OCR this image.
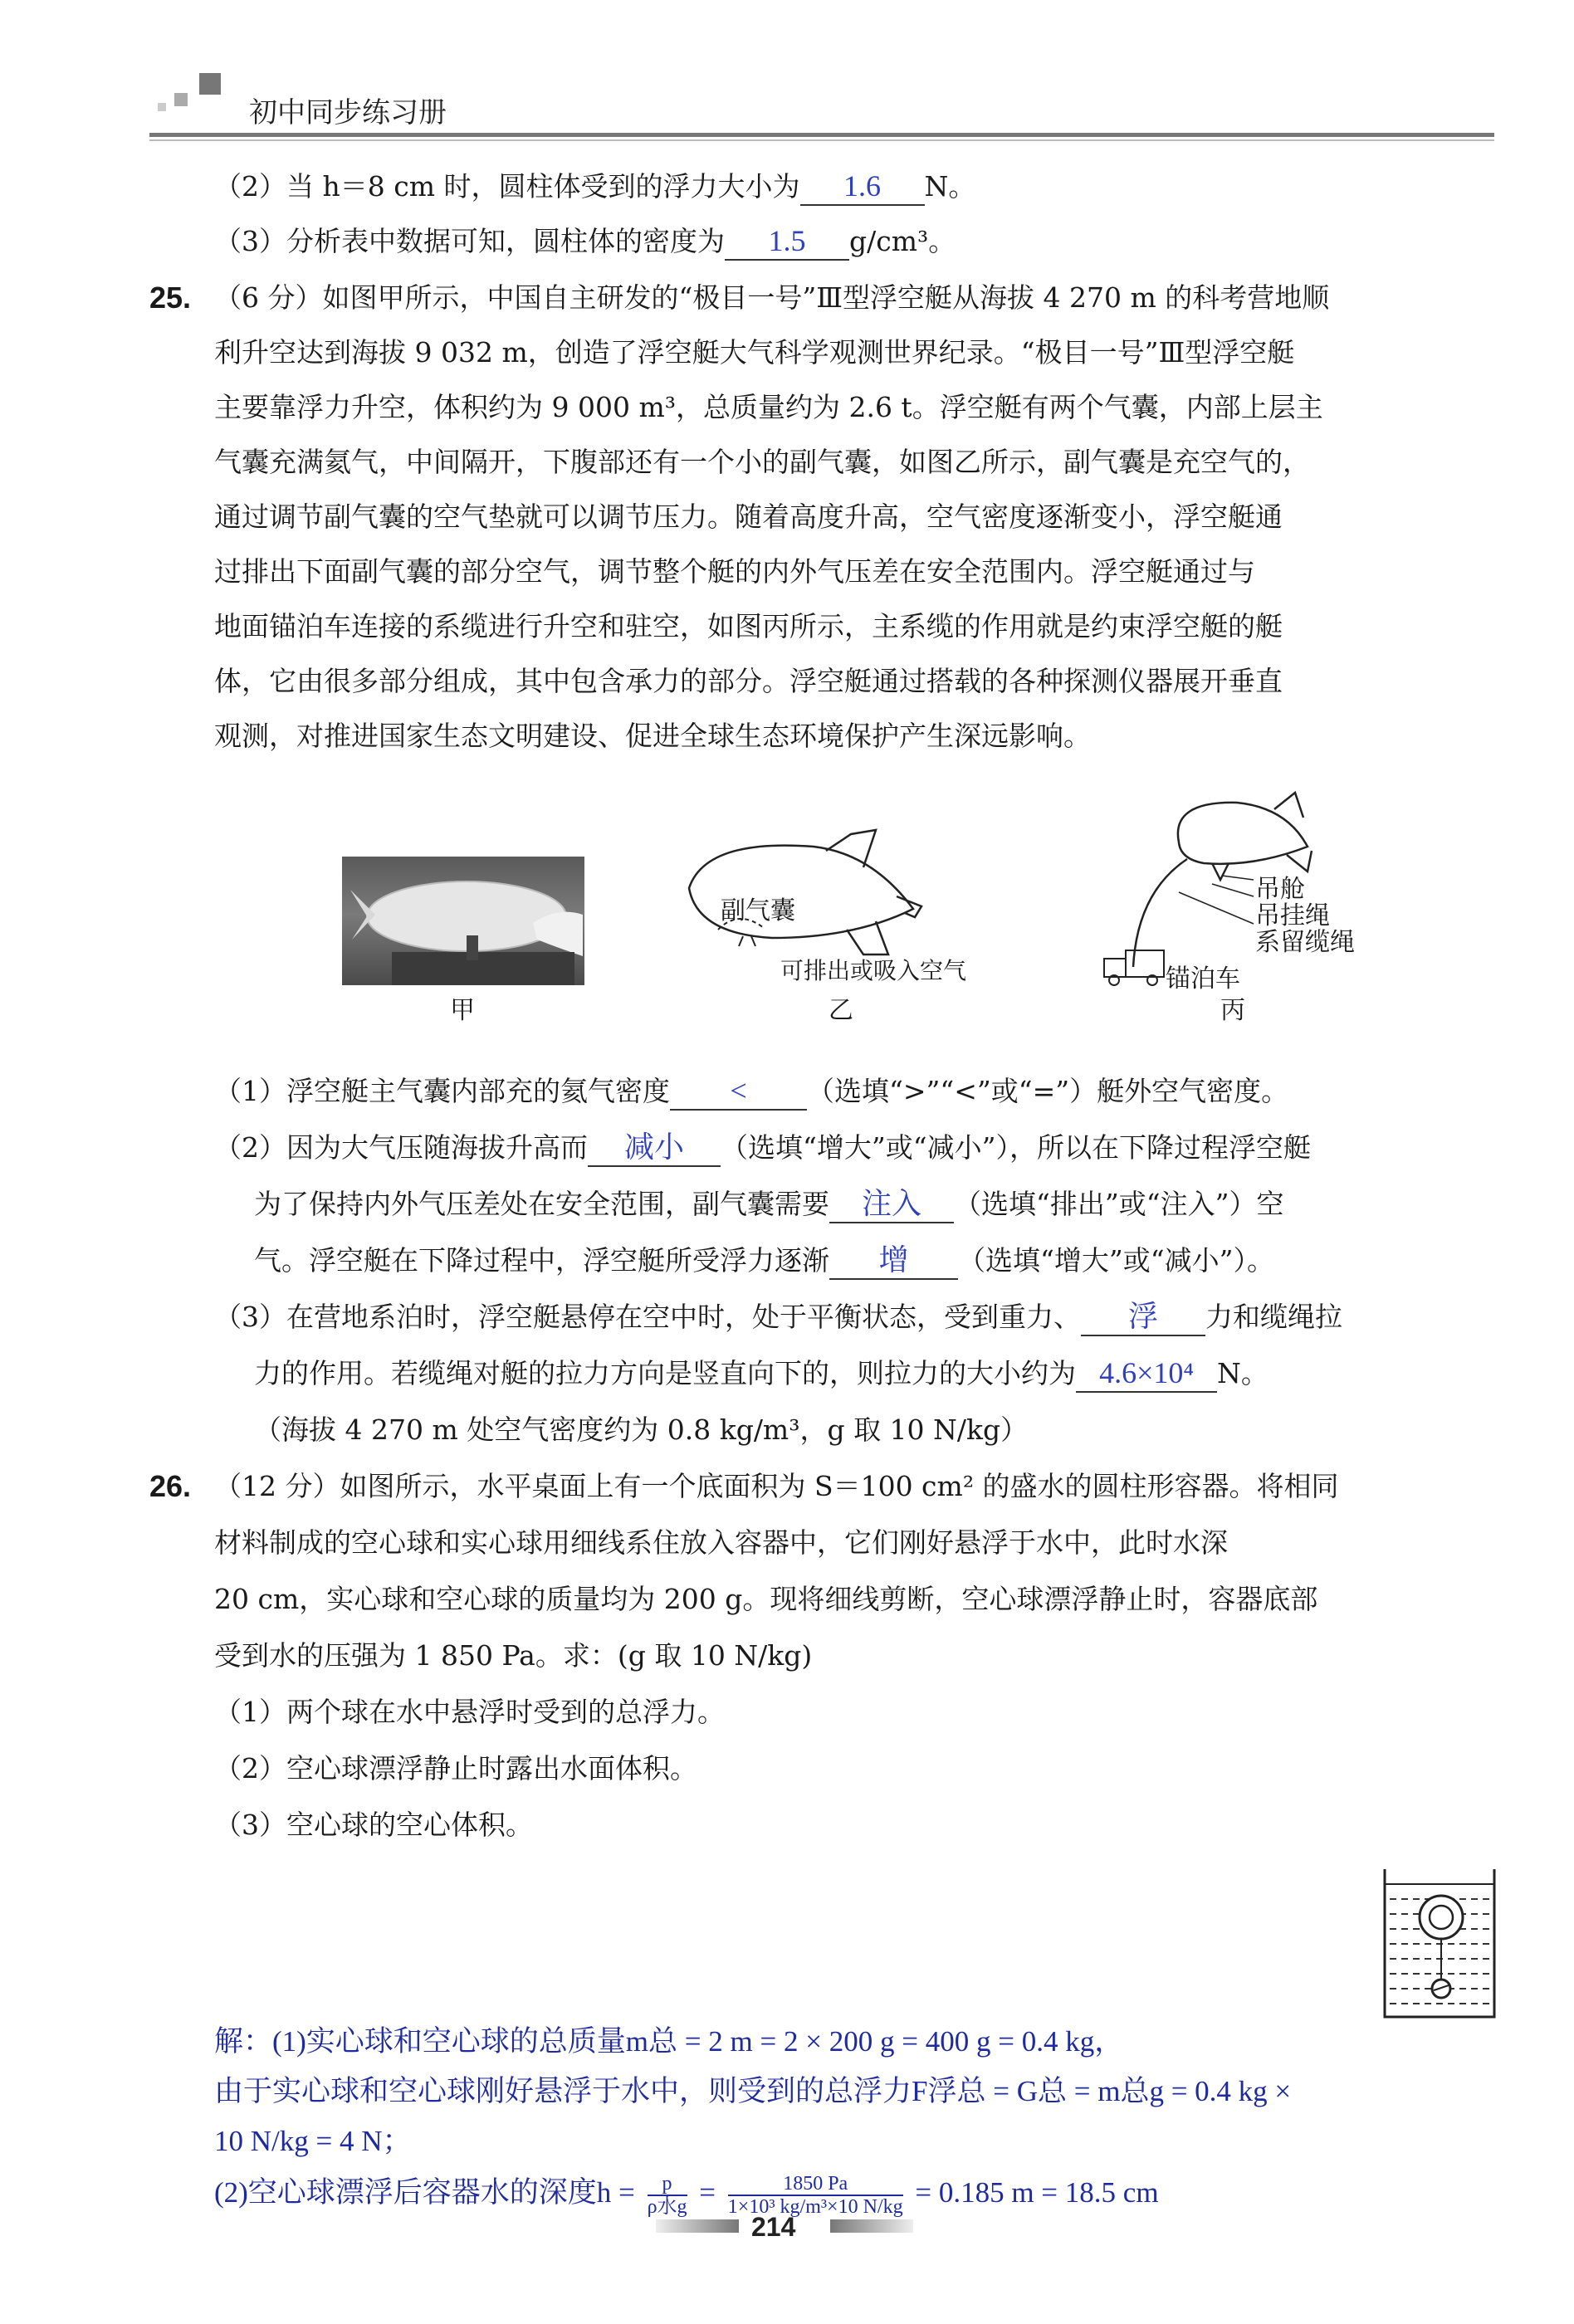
初中同步练习册
（2）当 h＝8 cm 时，圆柱体受到的浮力大小为 1.6 N。
（3）分析表中数据可知，圆柱体的密度为 1.5 g/cm³。
25. （6 分）如图甲所示，中国自主研发的“极目一号”Ⅲ型浮空艇从海拔 4 270 m 的科考营地顺
利升空达到海拔 9 032 m，创造了浮空艇大气科学观测世界纪录。“极目一号”Ⅲ型浮空艇
主要靠浮力升空，体积约为 9 000 m³，总质量约为 2.6 t。浮空艇有两个气囊，内部上层主
气囊充满氦气，中间隔开，下腹部还有一个小的副气囊，如图乙所示，副气囊是充空气的，
通过调节副气囊的空气垫就可以调节压力。随着高度升高，空气密度逐渐变小，浮空艇通
过排出下面副气囊的部分空气，调节整个艇的内外气压差在安全范围内。浮空艇通过与
地面锚泊车连接的系缆进行升空和驻空，如图丙所示，主系缆的作用就是约束浮空艇的艇
体，它由很多部分组成，其中包含承力的部分。浮空艇通过搭载的各种探测仪器展开垂直
观测，对推进国家生态文明建设、促进全球生态环境保护产生深远影响。
甲
副气囊
可排出或吸入空气
乙
吊舱
吊挂绳
系留缆绳
锚泊车
丙
（1）浮空艇主气囊内部充的氦气密度 < （选填“>”“<”或“=”）艇外空气密度。
（2）因为大气压随海拔升高而 减小 （选填“增大”或“减小”），所以在下降过程浮空艇
为了保持内外气压差处在安全范围，副气囊需要 注入 （选填“排出”或“注入”）空
气。浮空艇在下降过程中，浮空艇所受浮力逐渐 增 （选填“增大”或“减小”）。
（3）在营地系泊时，浮空艇悬停在空中时，处于平衡状态，受到重力、 浮 力和缆绳拉
力的作用。若缆绳对艇的拉力方向是竖直向下的，则拉力的大小约为 4.6×10⁴ N。
（海拔 4 270 m 处空气密度约为 0.8 kg/m³，g 取 10 N/kg）
26. （12 分）如图所示，水平桌面上有一个底面积为 S＝100 cm² 的盛水的圆柱形容器。将相同
材料制成的空心球和实心球用细线系住放入容器中，它们刚好悬浮于水中，此时水深
20 cm，实心球和空心球的质量均为 200 g。现将细线剪断，空心球漂浮静止时，容器底部
受到水的压强为 1 850 Pa。求：(g 取 10 N/kg)
（1）两个球在水中悬浮时受到的总浮力。
（2）空心球漂浮静止时露出水面体积。
（3）空心球的空心体积。
解：(1)实心球和空心球的总质量m总 = 2 m = 2 × 200 g = 400 g = 0.4 kg，
由于实心球和空心球刚好悬浮于水中，则受到的总浮力F浮总 = G总 = m总g = 0.4 kg ×
10 N/kg = 4 N；
(2)空心球漂浮后容器水的深度h =	p
ρ水$g = \frac{1850 Pa}{\text{1×10³ kg/m³×10 N/kg}} = 0.185$ m = 18.5 cm
214
